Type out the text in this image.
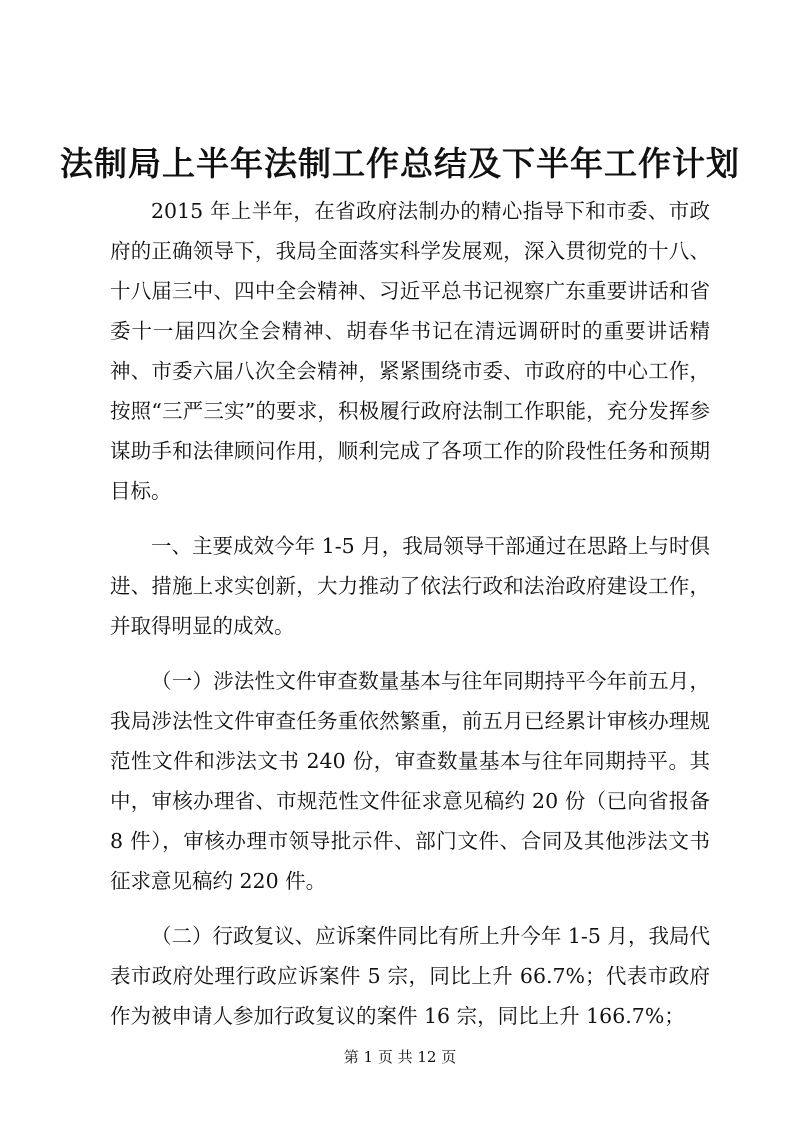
法制局上半年法制工作总结及下半年工作计划

2015 年上半年，在省政府法制办的精心指导下和市委、市政府的正确领导下，我局全面落实科学发展观，深入贯彻党的十八、十八届三中、四中全会精神、习近平总书记视察广东重要讲话和省委十一届四次全会精神、胡春华书记在清远调研时的重要讲话精神、市委六届八次全会精神，紧紧围绕市委、市政府的中心工作，按照“三严三实”的要求，积极履行政府法制工作职能，充分发挥参谋助手和法律顾问作用，顺利完成了各项工作的阶段性任务和预期目标。

一、主要成效今年 1-5 月，我局领导干部通过在思路上与时俱进、措施上求实创新，大力推动了依法行政和法治政府建设工作，并取得明显的成效。

（一）涉法性文件审查数量基本与往年同期持平今年前五月，我局涉法性文件审查任务重依然繁重，前五月已经累计审核办理规范性文件和涉法文书 240 份，审查数量基本与往年同期持平。其中，审核办理省、市规范性文件征求意见稿约 20 份（已向省报备 8 件），审核办理市领导批示件、部门文件、合同及其他涉法文书征求意见稿约 220 件。

（二）行政复议、应诉案件同比有所上升今年 1-5 月，我局代表市政府处理行政应诉案件 5 宗，同比上升 66.7%；代表市政府作为被申请人参加行政复议的案件 16 宗，同比上升 166.7%；

第 1 页 共 12 页
